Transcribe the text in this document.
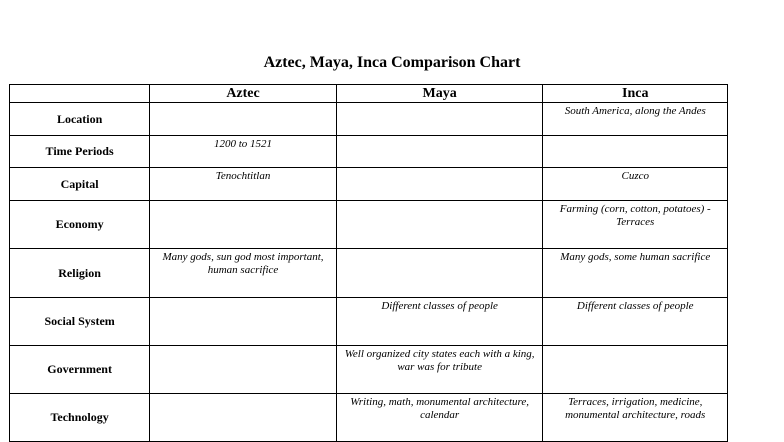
Aztec, Maya, Inca Comparison Chart
	Aztec	Maya	Inca
Location			South America, along the Andes
Time Periods	1200 to 1521		
Capital	Tenochtitlan		Cuzco
Economy			Farming (corn, cotton, potatoes) - Terraces
Religion	Many gods, sun god most important, human sacrifice		Many gods, some human sacrifice
Social System		Different classes of people	Different classes of people
Government		Well organized city states each with a king, war was for tribute	
Technology		Writing, math, monumental architecture, calendar	Terraces, irrigation, medicine, monumental architecture, roads
